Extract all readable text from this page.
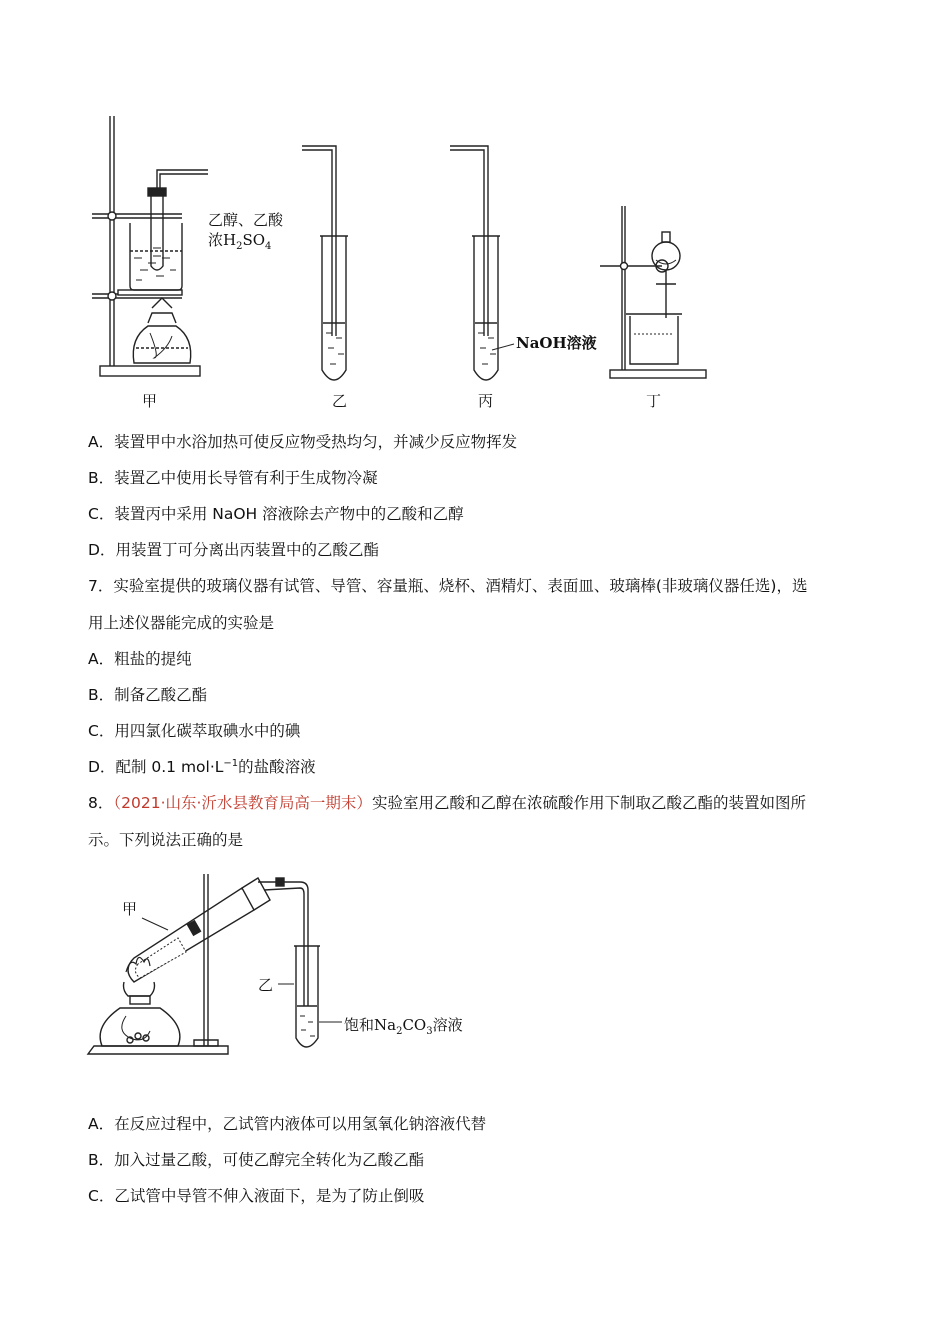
乙醇、乙酸
浓$H_2SO_4$
NaOH溶液
甲	乙	丙	丁
A．装置甲中水浴加热可使反应物受热均匀，并减少反应物挥发
B．装置乙中使用长导管有利于生成物冷凝
C．装置丙中采用 NaOH 溶液除去产物中的乙酸和乙醇
D．用装置丁可分离出丙装置中的乙酸乙酯
7．实验室提供的玻璃仪器有试管、导管、容量瓶、烧杯、酒精灯、表面皿、玻璃棒(非玻璃仪器任选)，选
用上述仪器能完成的实验是
A．粗盐的提纯
B．制备乙酸乙酯
C．用四氯化碳萃取碘水中的碘
D．配制 0.1 $mol\cdot L^{-1}$的盐酸溶液
8．（2021·山东·沂水县教育局高一期末）实验室用乙酸和乙醇在浓硫酸作用下制取乙酸乙酯的装置如图所
示。下列说法正确的是
甲
乙
饱和$Na_2CO_3$溶液
A．在反应过程中，乙试管内液体可以用氢氧化钠溶液代替
B．加入过量乙酸，可使乙醇完全转化为乙酸乙酯
C．乙试管中导管不伸入液面下，是为了防止倒吸
